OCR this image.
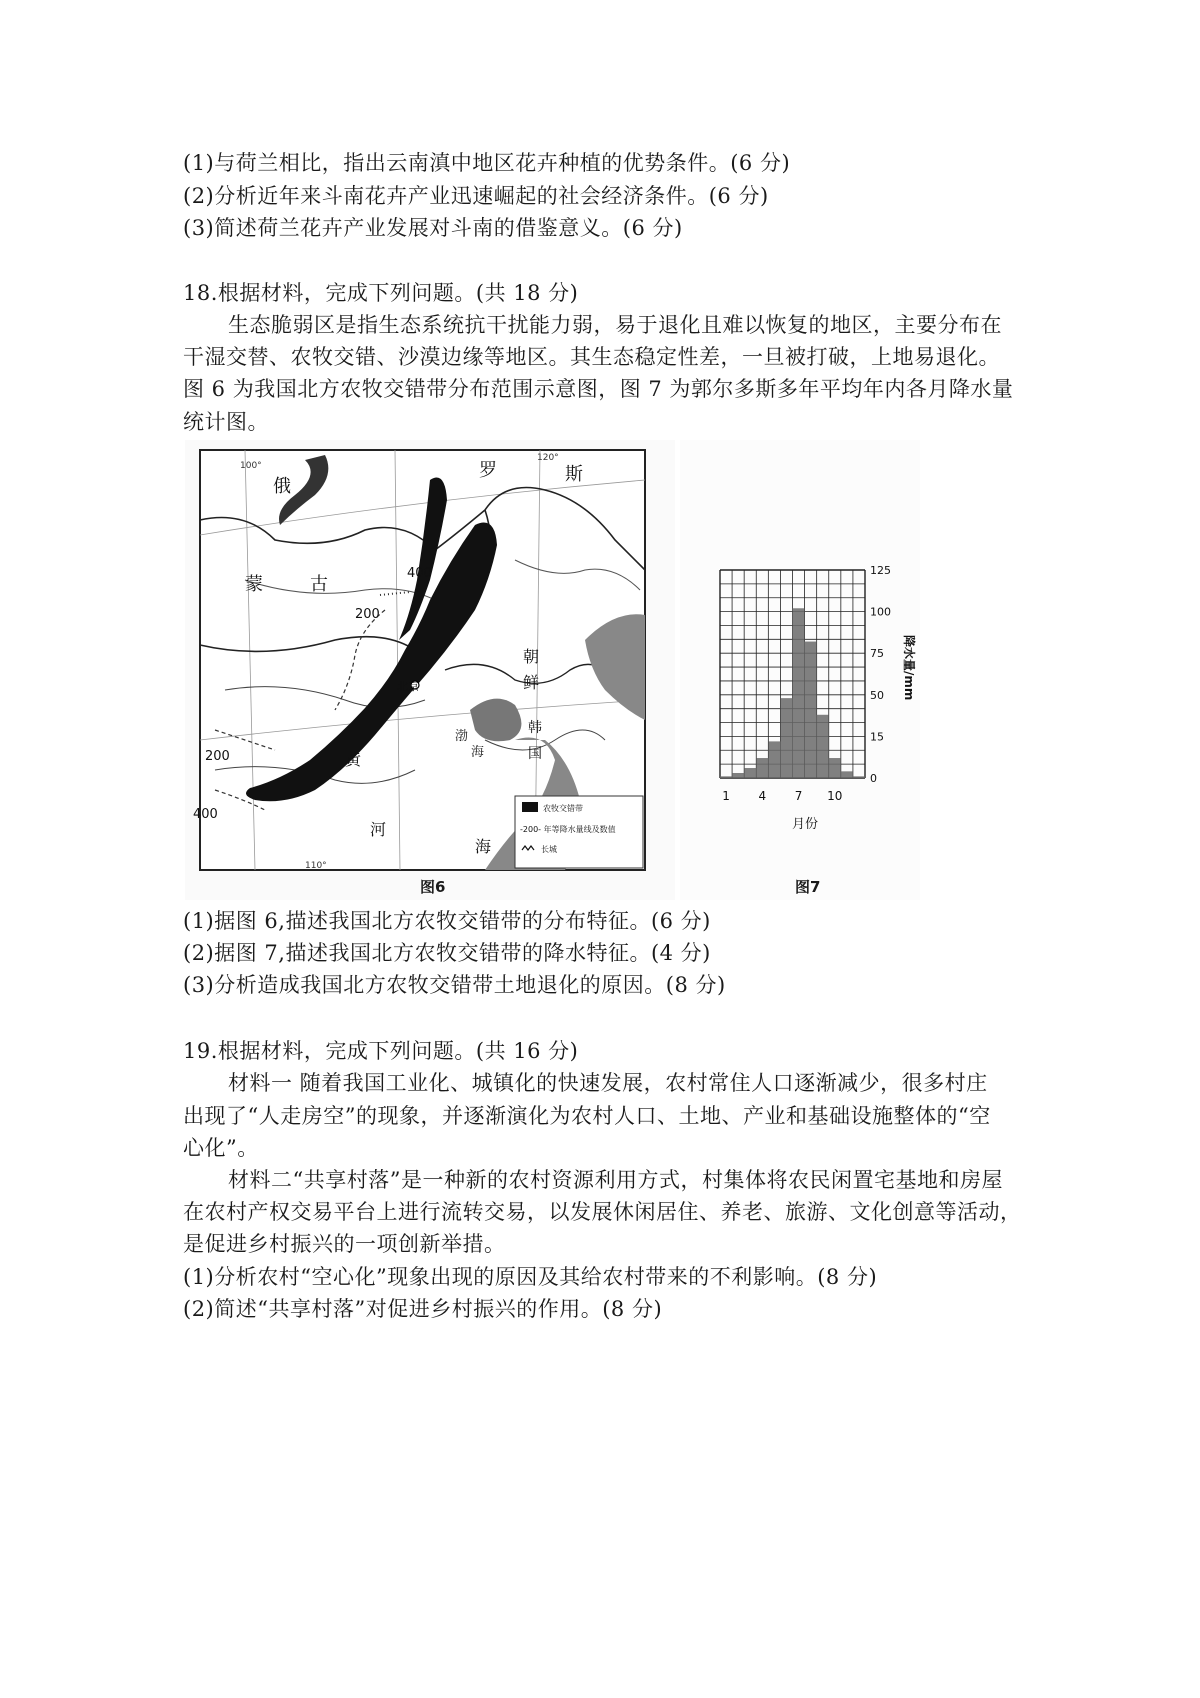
(1)与荷兰相比，指出云南滇中地区花卉种植的优势条件。(6 分)
(2)分析近年来斗南花卉产业迅速崛起的社会经济条件。(6 分)
(3)简述荷兰花卉产业发展对斗南的借鉴意义。(6 分)
18.根据材料，完成下列问题。(共 18 分)
生态脆弱区是指生态系统抗干扰能力弱，易于退化且难以恢复的地区，主要分布在
干湿交替、农牧交错、沙漠边缘等地区。其生态稳定性差，一旦被打破，上地易退化。
图 6 为我国北方农牧交错带分布范围示意图，图 7 为郭尔多斯多年平均年内各月降水量
统计图。
100°
120°
110°
俄
罗	斯
蒙	古
400
200
200
400
北京
朝
鲜
韩
国
渤
海
黄
河
海
农牧交错带
-200- 年等降水量线及数值
长城
图6
125
100
75
50
15
0
1 4 7 10
降水量/mm
月份
图7
(1)据图 6,描述我国北方农牧交错带的分布特征。(6 分)
(2)据图 7,描述我国北方农牧交错带的降水特征。(4 分)
(3)分析造成我国北方农牧交错带土地退化的原因。(8 分)
19.根据材料，完成下列问题。(共 16 分)
材料一 随着我国工业化、城镇化的快速发展，农村常住人口逐渐减少，很多村庄
出现了“人走房空”的现象，并逐渐演化为农村人口、土地、产业和基础设施整体的“空
心化”。
材料二“共享村落”是一种新的农村资源利用方式，村集体将农民闲置宅基地和房屋
在农村产权交易平台上进行流转交易，以发展休闲居住、养老、旅游、文化创意等活动，
是促进乡村振兴的一项创新举措。
(1)分析农村“空心化”现象出现的原因及其给农村带来的不利影响。(8 分)
(2)简述“共享村落”对促进乡村振兴的作用。(8 分)
